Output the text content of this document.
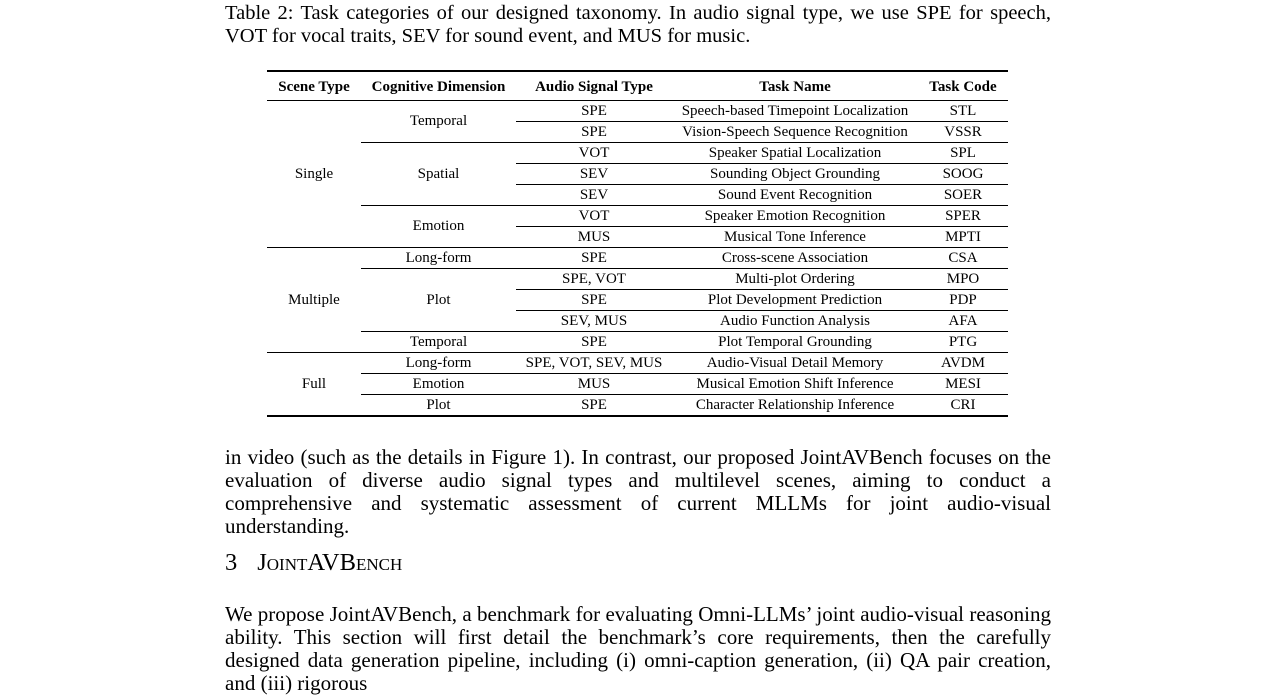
Table 2: Task categories of our designed taxonomy. In audio signal type, we use SPE for speech, VOT for vocal traits, SEV for sound event, and MUS for music.
Scene Type	Cognitive Dimension	Audio Signal Type	Task Name	Task Code
Single	Temporal	SPE	Speech-based Timepoint Localization	STL
		SPE	Vision-Speech Sequence Recognition	VSSR
	Spatial	VOT	Speaker Spatial Localization	SPL
		SEV	Sounding Object Grounding	SOOG
		SEV	Sound Event Recognition	SOER
	Emotion	VOT	Speaker Emotion Recognition	SPER
		MUS	Musical Tone Inference	MPTI
Multiple	Long-form	SPE	Cross-scene Association	CSA
	Plot	SPE, VOT	Multi-plot Ordering	MPO
		SPE	Plot Development Prediction	PDP
		SEV, MUS	Audio Function Analysis	AFA
	Temporal	SPE	Plot Temporal Grounding	PTG
Full	Long-form	SPE, VOT, SEV, MUS	Audio-Visual Detail Memory	AVDM
	Emotion	MUS	Musical Emotion Shift Inference	MESI
	Plot	SPE	Character Relationship Inference	CRI
in video (such as the details in Figure 1). In contrast, our proposed JointAVBench focuses on the evaluation of diverse audio signal types and multilevel scenes, aiming to conduct a comprehensive and systematic assessment of current MLLMs for joint audio-visual understanding.
3 JointAVBench
We propose JointAVBench, a benchmark for evaluating Omni-LLMs’ joint audio-visual reasoning ability. This section will first detail the benchmark’s core requirements, then the carefully designed data generation pipeline, including (i) omni-caption generation, (ii) QA pair creation, and (iii) rigorous
